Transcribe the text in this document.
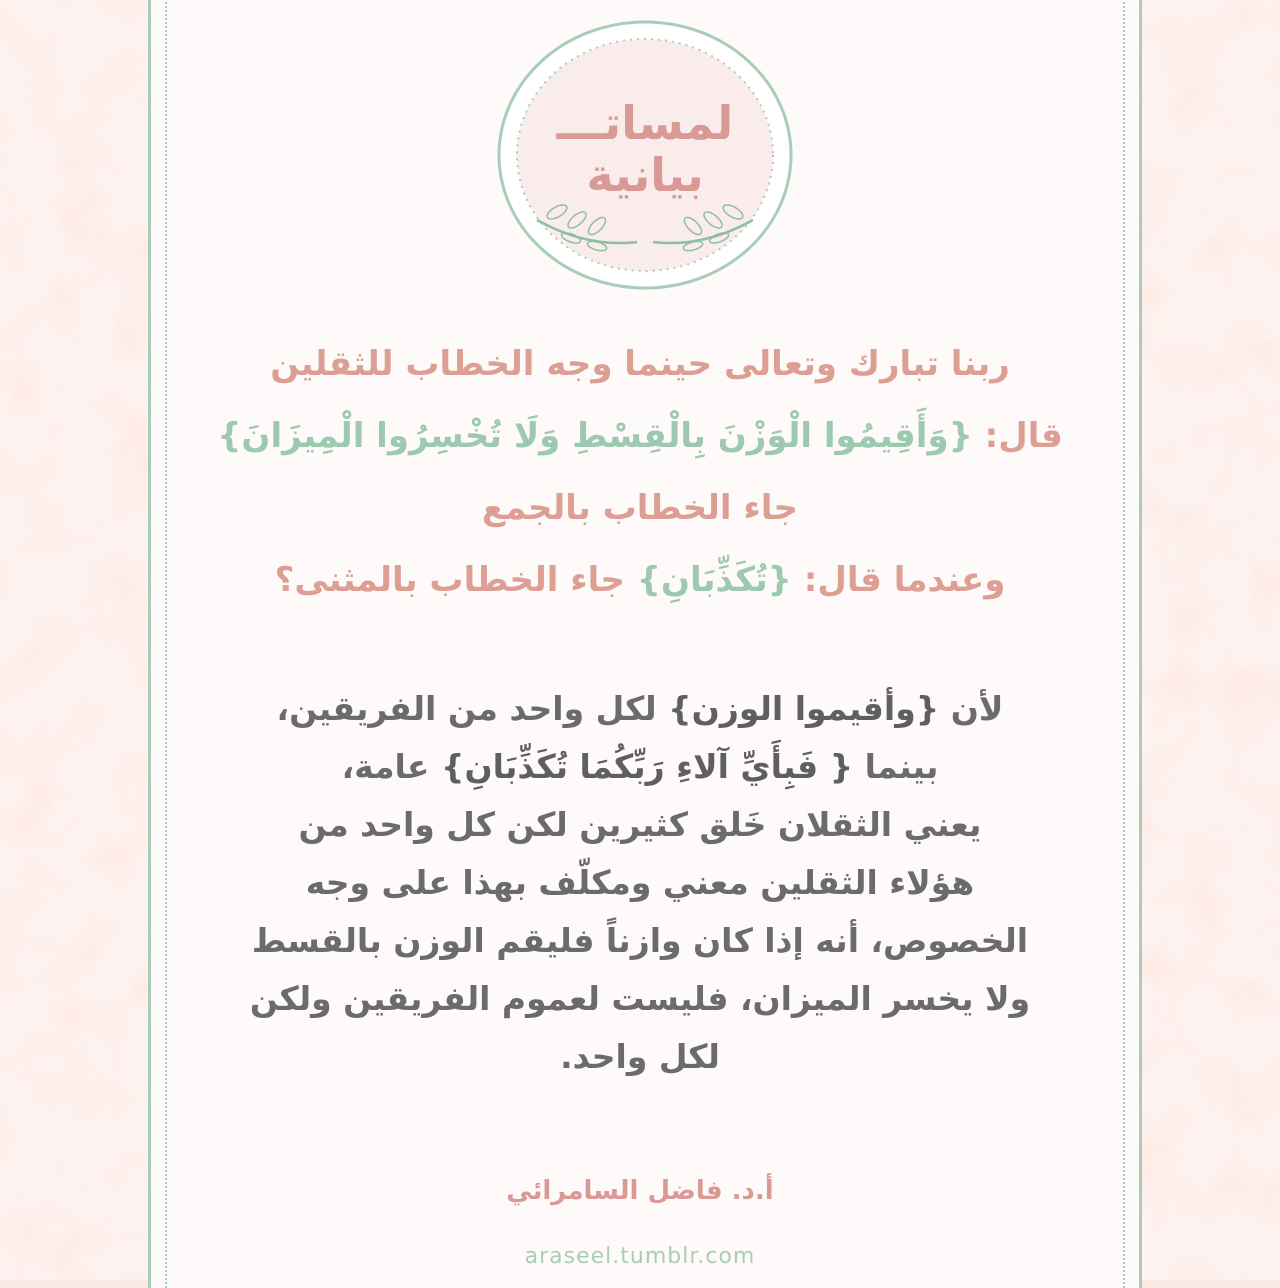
لمساتـــ
بيانية
ربنا تبارك وتعالى حينما وجه الخطاب للثقلين
قال: {وَأَقِيمُوا الْوَزْنَ بِالْقِسْطِ وَلَا تُخْسِرُوا الْمِيزَانَ}
جاء الخطاب بالجمع
وعندما قال: {تُكَذِّبَانِ} جاء الخطاب بالمثنى؟
لأن {وأقيموا الوزن} لكل واحد من الفريقين،
بينما { فَبِأَيِّ آلاءِ رَبِّكُمَا تُكَذِّبَانِ} عامة،
يعني الثقلان خَلق كثيرين لكن كل واحد من
هؤلاء الثقلين معني ومكلّف بهذا على وجه
الخصوص، أنه إذا كان وازناً فليقم الوزن بالقسط
ولا يخسر الميزان، فليست لعموم الفريقين ولكن
لكل واحد.
أ.د. فاضل السامرائي
araseel.tumblr.com
